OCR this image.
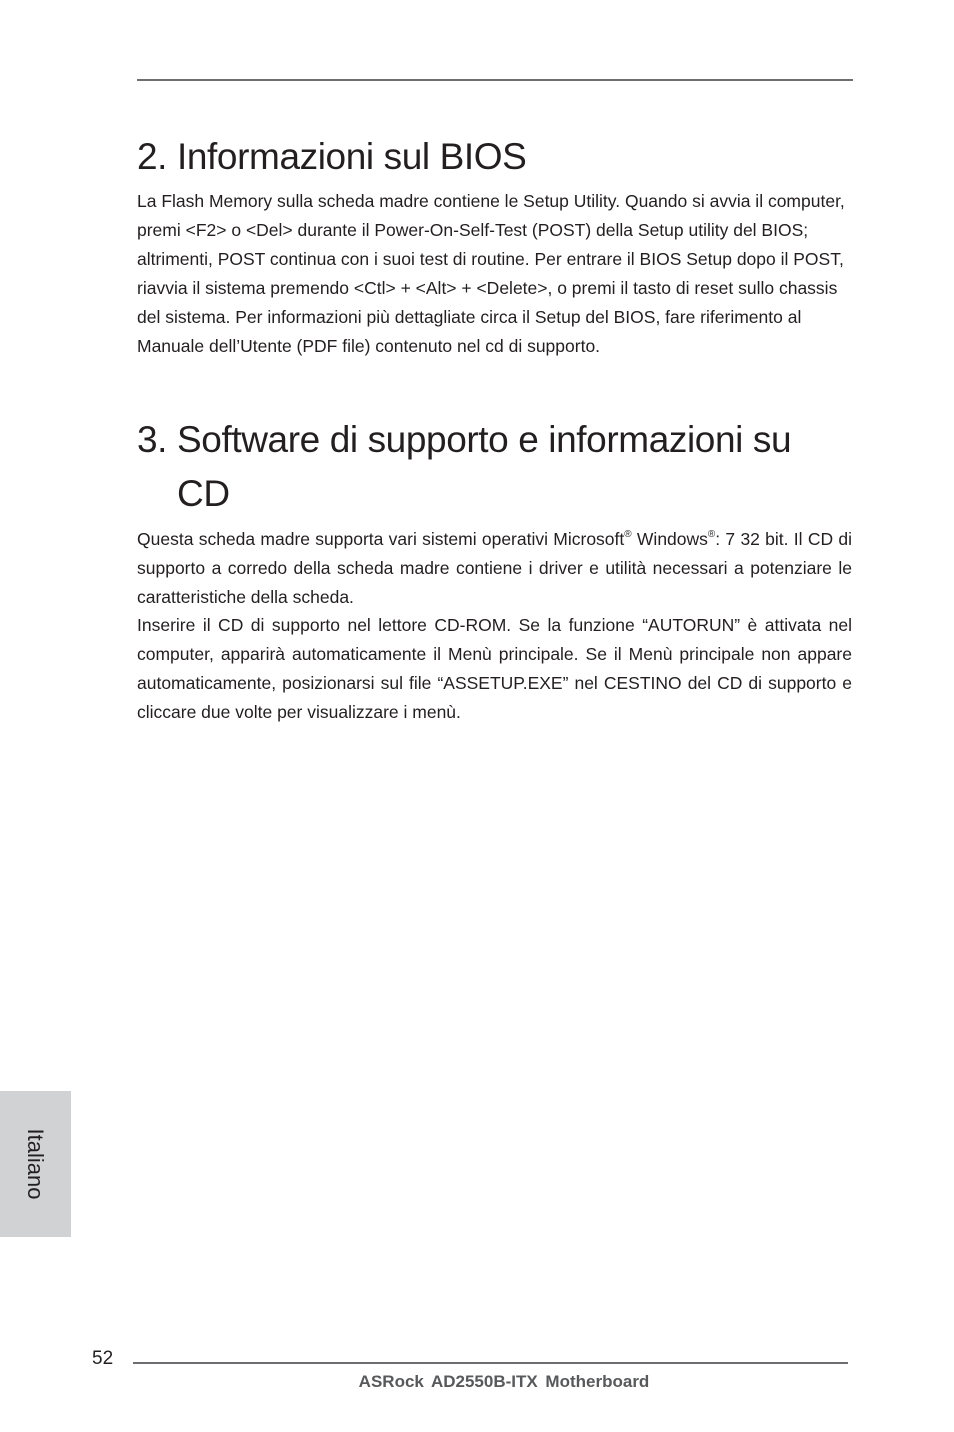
2. Informazioni sul BIOS

La Flash Memory sulla scheda madre contiene le Setup Utility. Quando si avvia il computer, premi <F2> o <Del> durante il Power-On-Self-Test (POST) della Setup utility del BIOS; altrimenti, POST continua con i suoi test di routine. Per entrare il BIOS Setup dopo il POST, riavvia il sistema premendo <Ctl> + <Alt> + <Delete>, o premi il tasto di reset sullo chassis del sistema. Per informazioni più dettagliate circa il Setup del BIOS, fare riferimento al Manuale dell’Utente (PDF file) contenuto nel cd di supporto.

3. Software di supporto e informazioni su
CD

Questa scheda madre supporta vari sistemi operativi Microsoft® Windows®: 7 32 bit. Il CD di supporto a corredo della scheda madre contiene i driver e utilità necessari a potenziare le caratteristiche della scheda.

Inserire il CD di supporto nel lettore CD-ROM. Se la funzione “AUTORUN” è attivata nel computer, apparirà automaticamente il Menù principale. Se il Menù principale non appare automaticamente, posizionarsi sul file “ASSETUP.EXE” nel CESTINO del CD di supporto e cliccare due volte per visualizzare i menù.

Italiano
52
ASRock AD2550B-ITX Motherboard
